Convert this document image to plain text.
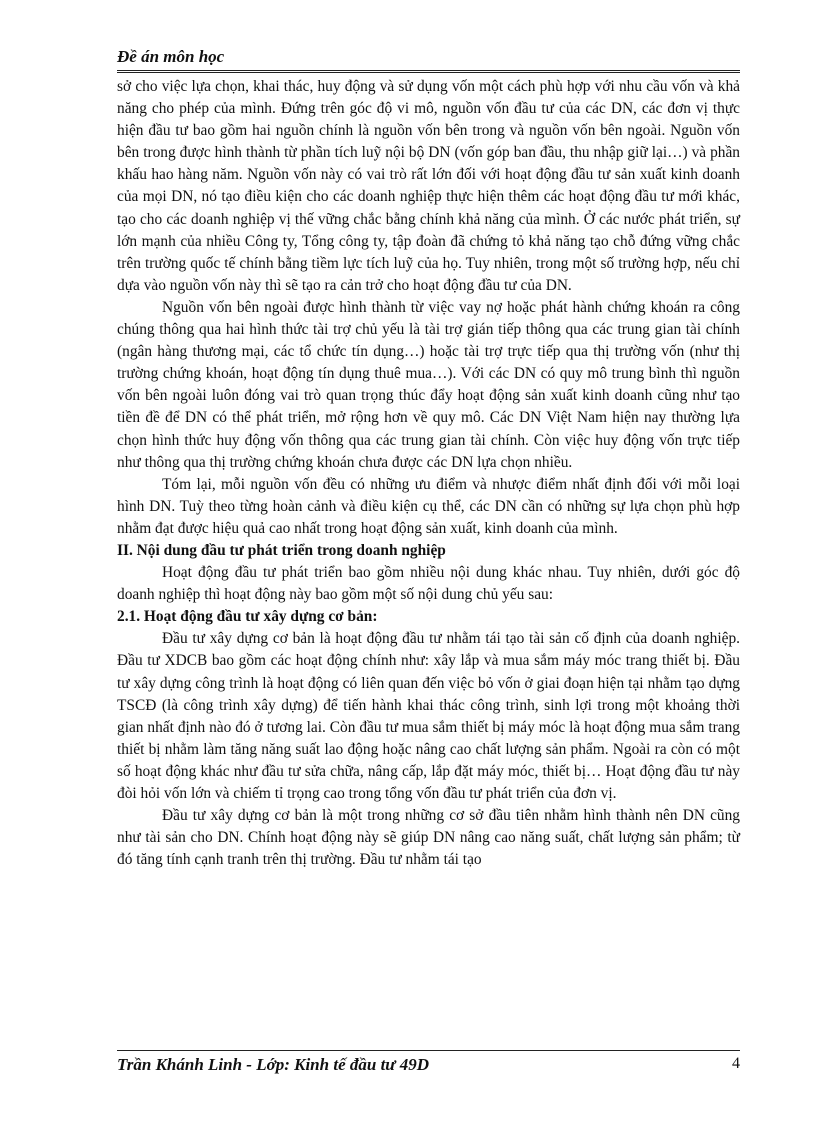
Đề án môn học

sở cho việc lựa chọn, khai thác, huy động và sử dụng vốn một cách phù hợp với nhu cầu vốn và khả năng cho phép của mình. Đứng trên góc độ vi mô, nguồn vốn đầu tư của các DN, các đơn vị thực hiện đầu tư bao gồm hai nguồn chính là nguồn vốn bên trong và nguồn vốn bên ngoài. Nguồn vốn bên trong được hình thành từ phần tích luỹ nội bộ DN (vốn góp ban đầu, thu nhập giữ lại…) và phần khấu hao hàng năm. Nguồn vốn này có vai trò rất lớn đối với hoạt động đầu tư sản xuất kinh doanh của mọi DN, nó tạo điều kiện cho các doanh nghiệp thực hiện thêm các hoạt động đầu tư mới khác, tạo cho các doanh nghiệp vị thế vững chắc bằng chính khả năng của mình. Ở các nước phát triển, sự lớn mạnh của nhiều Công ty, Tổng công ty, tập đoàn đã chứng tỏ khả năng tạo chỗ đứng vững chắc trên trường quốc tế chính bằng tiềm lực tích luỹ của họ. Tuy nhiên, trong một số trường hợp, nếu chỉ dựa vào nguồn vốn này thì sẽ tạo ra cản trở cho hoạt động đầu tư của DN.

Nguồn vốn bên ngoài được hình thành từ việc vay nợ hoặc phát hành chứng khoán ra công chúng thông qua hai hình thức tài trợ chủ yếu là tài trợ gián tiếp thông qua các trung gian tài chính (ngân hàng thương mại, các tổ chức tín dụng…) hoặc tài trợ trực tiếp qua thị trường vốn (như thị trường chứng khoán, hoạt động tín dụng thuê mua…). Với các DN có quy mô trung bình thì nguồn vốn bên ngoài luôn đóng vai trò quan trọng thúc đẩy hoạt động sản xuất kinh doanh cũng như tạo tiền đề để DN có thể phát triển, mở rộng hơn về quy mô. Các DN Việt Nam hiện nay thường lựa chọn hình thức huy động vốn thông qua các trung gian tài chính. Còn việc huy động vốn trực tiếp như thông qua thị trường chứng khoán chưa được các DN lựa chọn nhiều.

Tóm lại, mỗi nguồn vốn đều có những ưu điểm và nhược điểm nhất định đối với mỗi loại hình DN. Tuỳ theo từng hoàn cảnh và điều kiện cụ thể, các DN cần có những sự lựa chọn phù hợp nhằm đạt được hiệu quả cao nhất trong hoạt động sản xuất, kinh doanh của mình.

II. Nội dung đầu tư phát triển trong doanh nghiệp

Hoạt động đầu tư phát triển bao gồm nhiều nội dung khác nhau. Tuy nhiên, dưới góc độ doanh nghiệp thì hoạt động này bao gồm một số nội dung chủ yếu sau:

2.1. Hoạt động đầu tư xây dựng cơ bản:

Đầu tư xây dựng cơ bản là hoạt động đầu tư nhằm tái tạo tài sản cố định của doanh nghiệp. Đầu tư XDCB bao gồm các hoạt động chính như: xây lắp và mua sắm máy móc trang thiết bị. Đầu tư xây dựng công trình là hoạt động có liên quan đến việc bỏ vốn ở giai đoạn hiện tại nhằm tạo dựng TSCĐ (là công trình xây dựng) để tiến hành khai thác công trình, sinh lợi trong một khoảng thời gian nhất định nào đó ở tương lai. Còn đầu tư mua sắm thiết bị máy móc là hoạt động mua sắm trang thiết bị nhằm làm tăng năng suất lao động hoặc nâng cao chất lượng sản phẩm. Ngoài ra còn có một số hoạt động khác như đầu tư sửa chữa, nâng cấp, lắp đặt máy móc, thiết bị… Hoạt động đầu tư này đòi hỏi vốn lớn và chiếm tỉ trọng cao trong tổng vốn đầu tư phát triển của đơn vị.

Đầu tư xây dựng cơ bản là một trong những cơ sở đầu tiên nhằm hình thành nên DN cũng như tài sản cho DN. Chính hoạt động này sẽ giúp DN nâng cao năng suất, chất lượng sản phẩm; từ đó tăng tính cạnh tranh trên thị trường. Đầu tư nhằm tái tạo

Trần Khánh Linh - Lớp: Kinh tế đầu tư 49D	4
